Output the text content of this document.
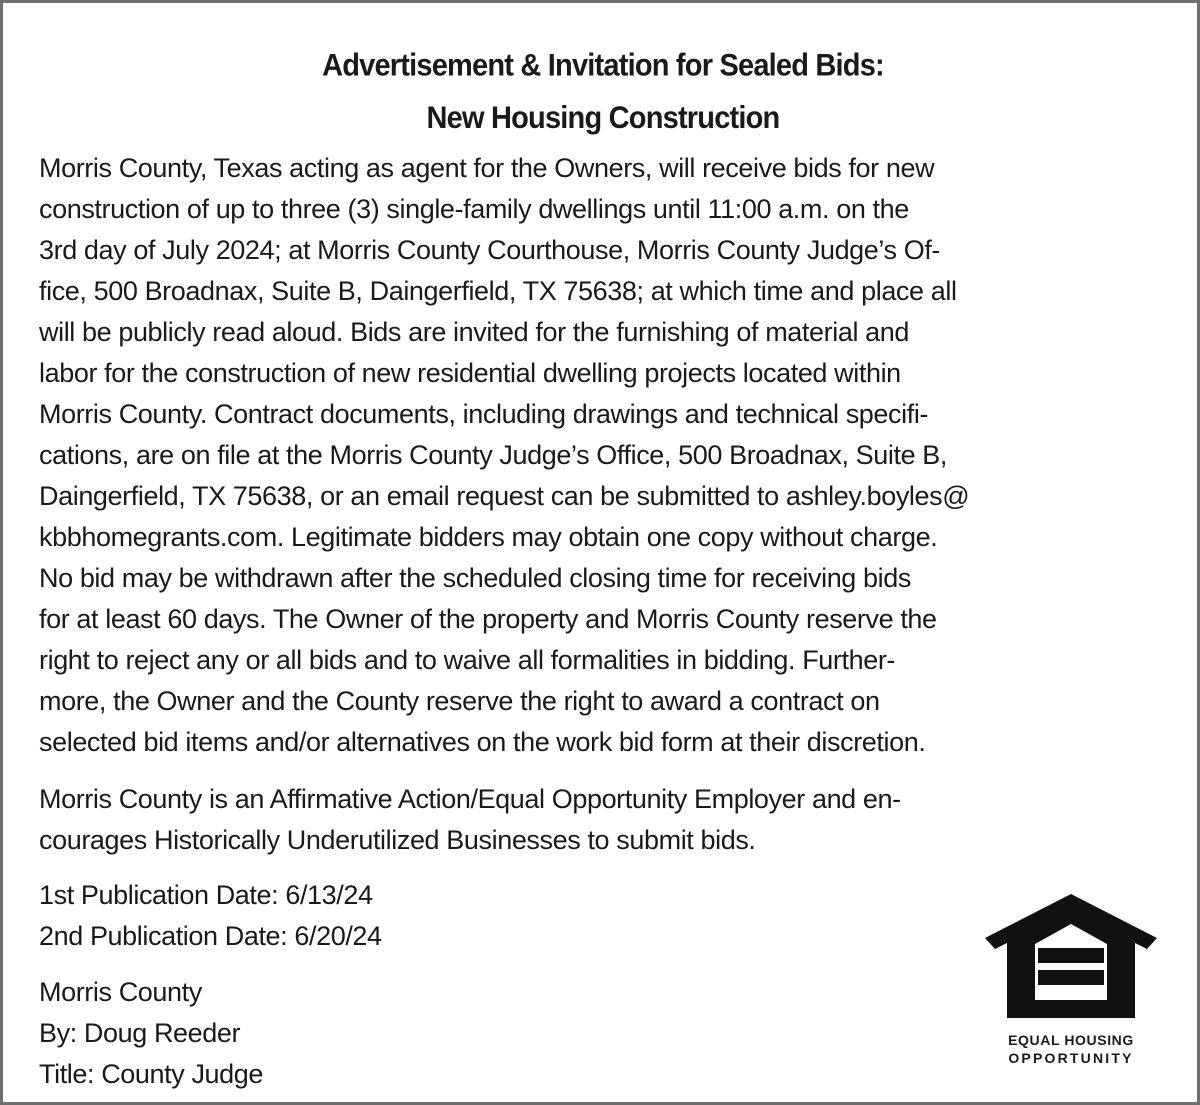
Advertisement & Invitation for Sealed Bids:
New Housing Construction
Morris County, Texas acting as agent for the Owners, will receive bids for new
construction of up to three (3) single-family dwellings until 11:00 a.m. on the
3rd day of July 2024; at Morris County Courthouse, Morris County Judge’s Of-
fice, 500 Broadnax, Suite B, Daingerfield, TX 75638; at which time and place all
will be publicly read aloud. Bids are invited for the furnishing of material and
labor for the construction of new residential dwelling projects located within
Morris County. Contract documents, including drawings and technical specifi-
cations, are on file at the Morris County Judge’s Office, 500 Broadnax, Suite B,
Daingerfield, TX 75638, or an email request can be submitted to ashley.boyles@
kbbhomegrants.com. Legitimate bidders may obtain one copy without charge.
No bid may be withdrawn after the scheduled closing time for receiving bids
for at least 60 days. The Owner of the property and Morris County reserve the
right to reject any or all bids and to waive all formalities in bidding. Further-
more, the Owner and the County reserve the right to award a contract on
selected bid items and/or alternatives on the work bid form at their discretion.
Morris County is an Affirmative Action/Equal Opportunity Employer and en-
courages Historically Underutilized Businesses to submit bids.
1st Publication Date: 6/13/24
2nd Publication Date: 6/20/24
Morris County
By: Doug Reeder
Title: County Judge
EQUAL HOUSING
OPPORTUNITY
